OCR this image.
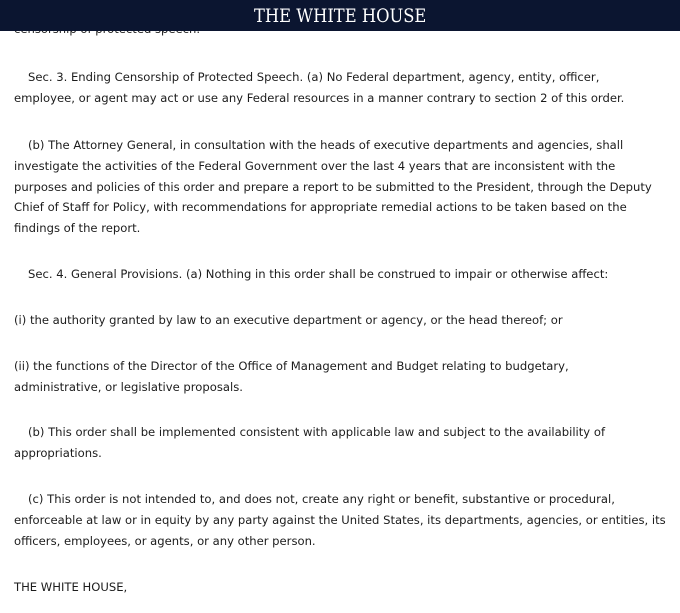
THE WHITE HOUSE
Sec. 3. Ending Censorship of Protected Speech. (a) No Federal department, agency, entity, officer,
employee, or agent may act or use any Federal resources in a manner contrary to section 2 of this order.
(b) The Attorney General, in consultation with the heads of executive departments and agencies, shall
investigate the activities of the Federal Government over the last 4 years that are inconsistent with the
purposes and policies of this order and prepare a report to be submitted to the President, through the Deputy
Chief of Staff for Policy, with recommendations for appropriate remedial actions to be taken based on the
findings of the report.
Sec. 4. General Provisions. (a) Nothing in this order shall be construed to impair or otherwise affect:
(i) the authority granted by law to an executive department or agency, or the head thereof; or
(ii) the functions of the Director of the Office of Management and Budget relating to budgetary,
administrative, or legislative proposals.
(b) This order shall be implemented consistent with applicable law and subject to the availability of
appropriations.
(c) This order is not intended to, and does not, create any right or benefit, substantive or procedural,
enforceable at law or in equity by any party against the United States, its departments, agencies, or entities, its
officers, employees, or agents, or any other person.
THE WHITE HOUSE,
